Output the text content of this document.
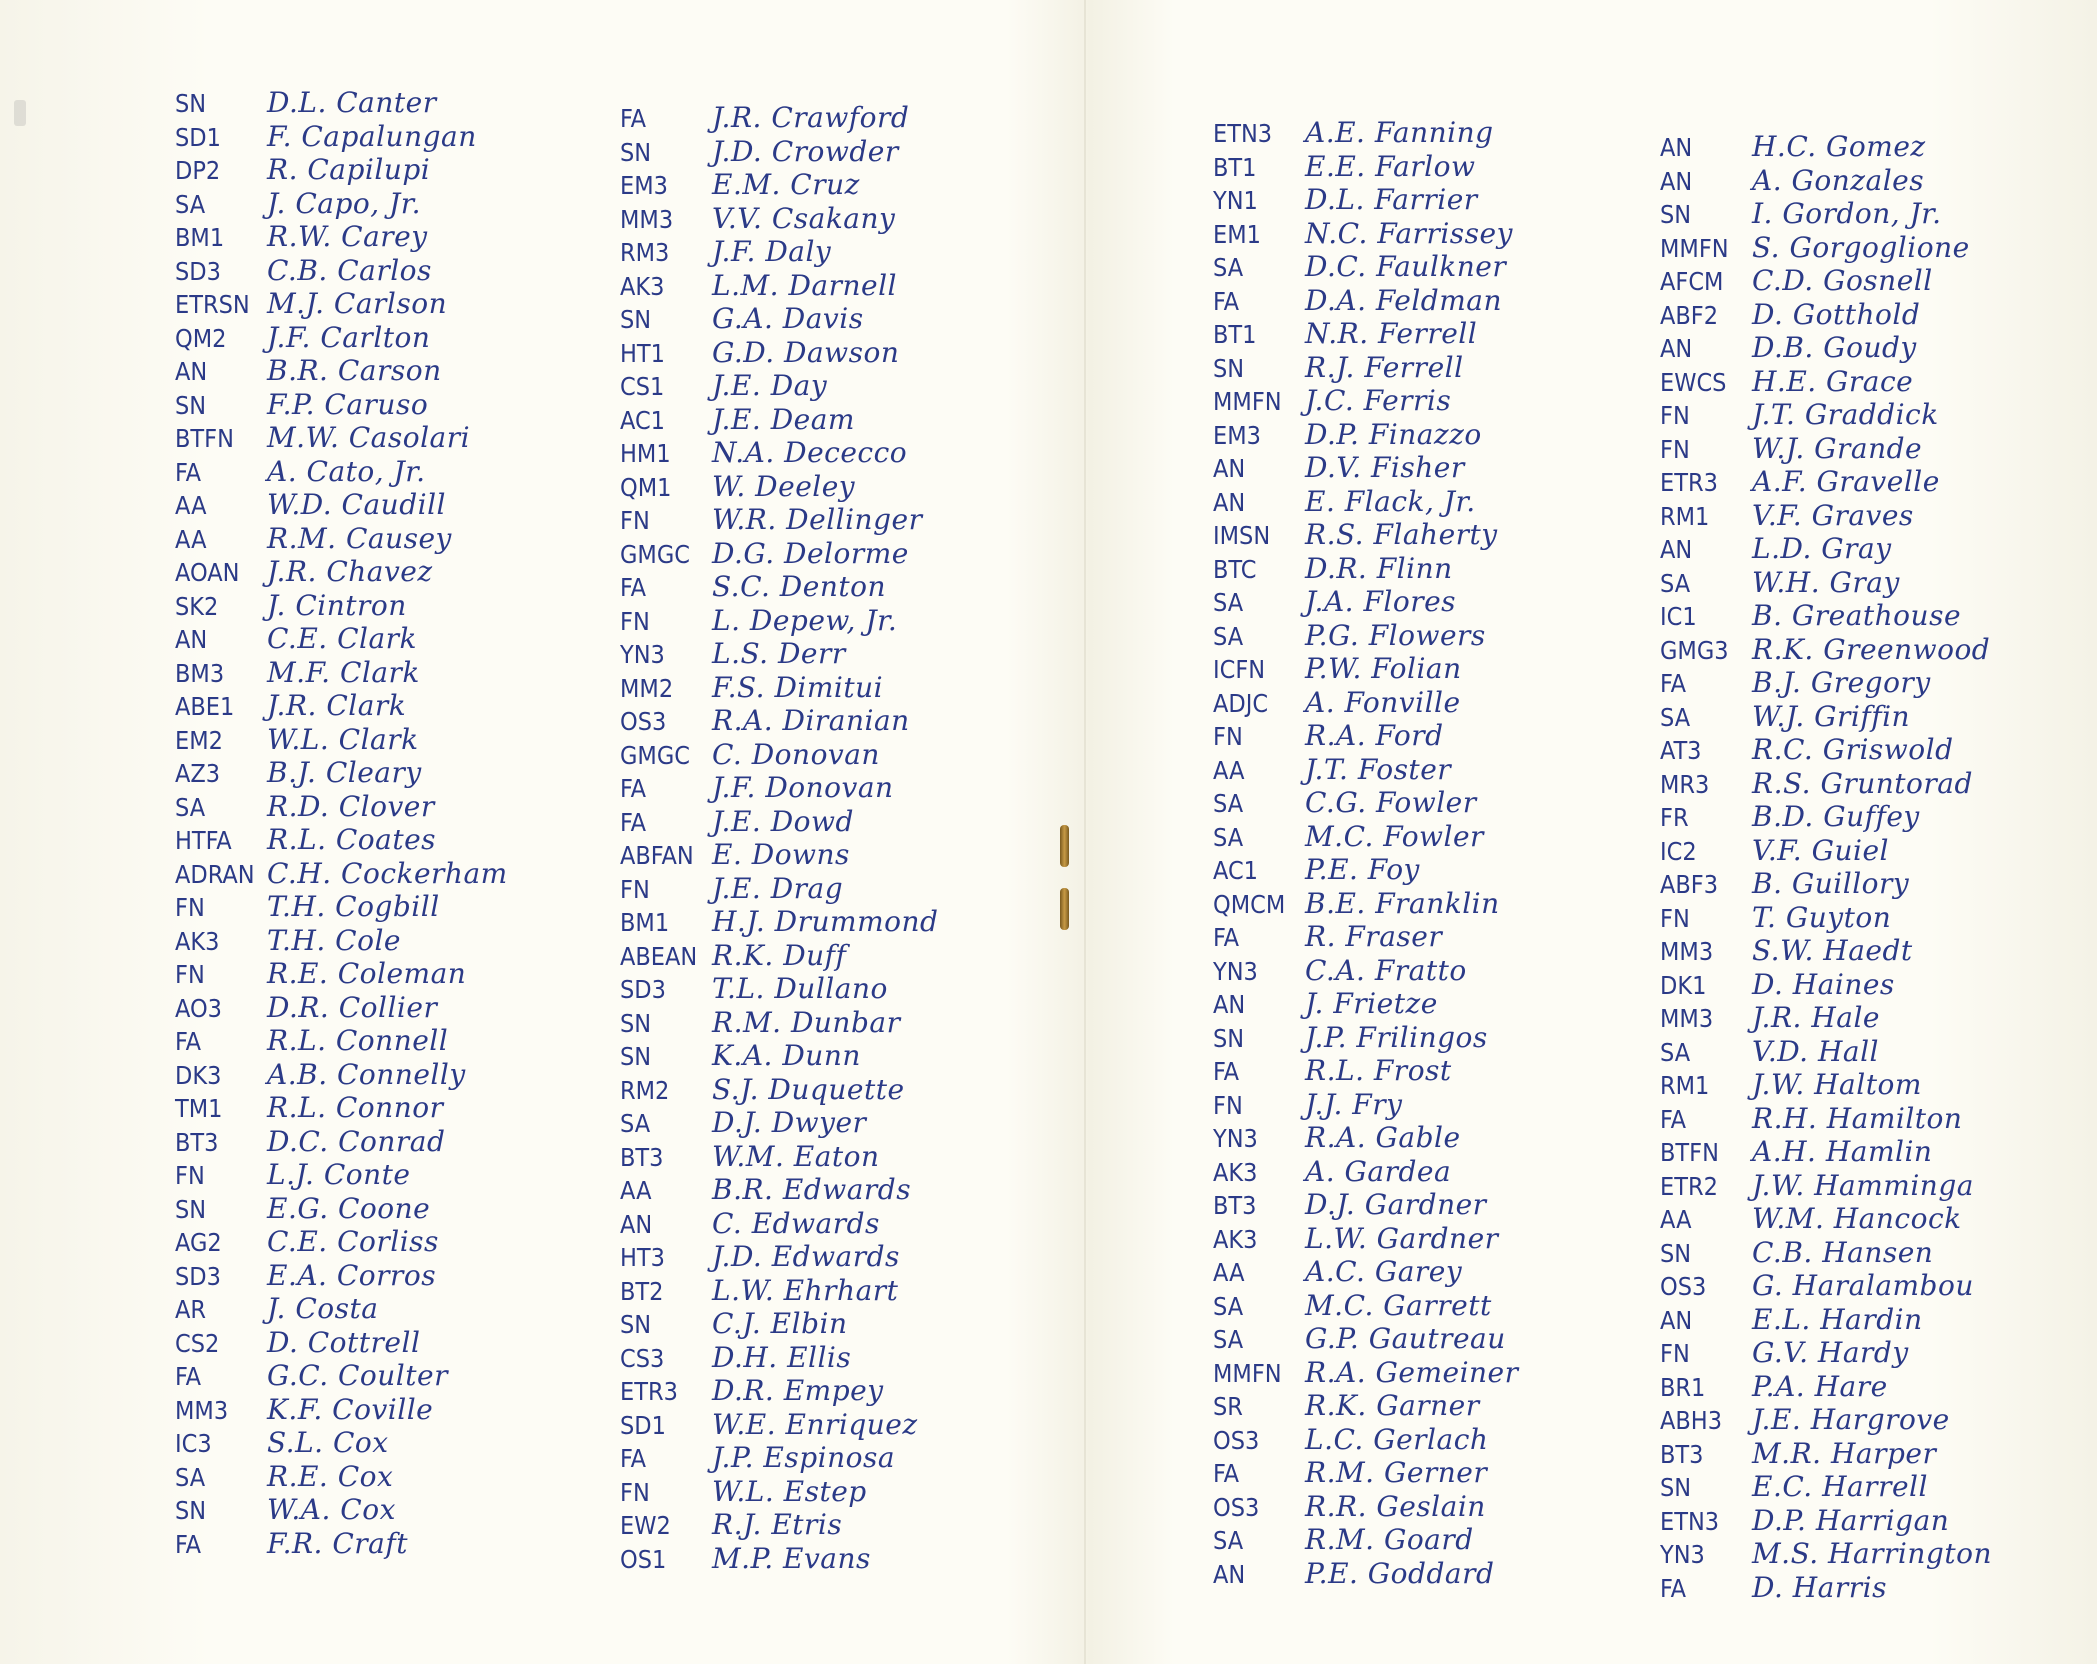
SN D.L. Canter
SD1 F. Capalungan
DP2 R. Capilupi
SA J. Capo, Jr.
BM1 R.W. Carey
SD3 C.B. Carlos
ETRSN M.J. Carlson
QM2 J.F. Carlton
AN B.R. Carson
SN F.P. Caruso
BTFN M.W. Casolari
FA A. Cato, Jr.
AA W.D. Caudill
AA R.M. Causey
AOAN J.R. Chavez
SK2 J. Cintron
AN C.E. Clark
BM3 M.F. Clark
ABE1 J.R. Clark
EM2 W.L. Clark
AZ3 B.J. Cleary
SA R.D. Clover
HTFA R.L. Coates
ADRAN C.H. Cockerham
FN T.H. Cogbill
AK3 T.H. Cole
FN R.E. Coleman
AO3 D.R. Collier
FA R.L. Connell
DK3 A.B. Connelly
TM1 R.L. Connor
BT3 D.C. Conrad
FN L.J. Conte
SN E.G. Coone
AG2 C.E. Corliss
SD3 E.A. Corros
AR J. Costa
CS2 D. Cottrell
FA G.C. Coulter
MM3 K.F. Coville
IC3 S.L. Cox
SA R.E. Cox
SN W.A. Cox
FA F.R. Craft
FA J.R. Crawford
SN J.D. Crowder
EM3 E.M. Cruz
MM3 V.V. Csakany
RM3 J.F. Daly
AK3 L.M. Darnell
SN G.A. Davis
HT1 G.D. Dawson
CS1 J.E. Day
AC1 J.E. Deam
HM1 N.A. Dececco
QM1 W. Deeley
FN W.R. Dellinger
GMGC D.G. Delorme
FA S.C. Denton
FN L. Depew, Jr.
YN3 L.S. Derr
MM2 F.S. Dimitui
OS3 R.A. Diranian
GMGC C. Donovan
FA J.F. Donovan
FA J.E. Dowd
ABFAN E. Downs
FN J.E. Drag
BM1 H.J. Drummond
ABEAN R.K. Duff
SD3 T.L. Dullano
SN R.M. Dunbar
SN K.A. Dunn
RM2 S.J. Duquette
SA D.J. Dwyer
BT3 W.M. Eaton
AA B.R. Edwards
AN C. Edwards
HT3 J.D. Edwards
BT2 L.W. Ehrhart
SN C.J. Elbin
CS3 D.H. Ellis
ETR3 D.R. Empey
SD1 W.E. Enriquez
FA J.P. Espinosa
FN W.L. Estep
EW2 R.J. Etris
OS1 M.P. Evans
ETN3 A.E. Fanning
BT1 E.E. Farlow
YN1 D.L. Farrier
EM1 N.C. Farrissey
SA D.C. Faulkner
FA D.A. Feldman
BT1 N.R. Ferrell
SN R.J. Ferrell
MMFN J.C. Ferris
EM3 D.P. Finazzo
AN D.V. Fisher
AN E. Flack, Jr.
IMSN R.S. Flaherty
BTC D.R. Flinn
SA J.A. Flores
SA P.G. Flowers
ICFN P.W. Folian
ADJC A. Fonville
FN R.A. Ford
AA J.T. Foster
SA C.G. Fowler
SA M.C. Fowler
AC1 P.E. Foy
QMCM B.E. Franklin
FA R. Fraser
YN3 C.A. Fratto
AN J. Frietze
SN J.P. Frilingos
FA R.L. Frost
FN J.J. Fry
YN3 R.A. Gable
AK3 A. Gardea
BT3 D.J. Gardner
AK3 L.W. Gardner
AA A.C. Garey
SA M.C. Garrett
SA G.P. Gautreau
MMFN R.A. Gemeiner
SR R.K. Garner
OS3 L.C. Gerlach
FA R.M. Gerner
OS3 R.R. Geslain
SA R.M. Goard
AN P.E. Goddard
AN H.C. Gomez
AN A. Gonzales
SN I. Gordon, Jr.
MMFN S. Gorgoglione
AFCM C.D. Gosnell
ABF2 D. Gotthold
AN D.B. Goudy
EWCS H.E. Grace
FN J.T. Graddick
FN W.J. Grande
ETR3 A.F. Gravelle
RM1 V.F. Graves
AN L.D. Gray
SA W.H. Gray
IC1 B. Greathouse
GMG3 R.K. Greenwood
FA B.J. Gregory
SA W.J. Griffin
AT3 R.C. Griswold
MR3 R.S. Gruntorad
FR B.D. Guffey
IC2 V.F. Guiel
ABF3 B. Guillory
FN T. Guyton
MM3 S.W. Haedt
DK1 D. Haines
MM3 J.R. Hale
SA V.D. Hall
RM1 J.W. Haltom
FA R.H. Hamilton
BTFN A.H. Hamlin
ETR2 J.W. Hamminga
AA W.M. Hancock
SN C.B. Hansen
OS3 G. Haralambou
AN E.L. Hardin
FN G.V. Hardy
BR1 P.A. Hare
ABH3 J.E. Hargrove
BT3 M.R. Harper
SN E.C. Harrell
ETN3 D.P. Harrigan
YN3 M.S. Harrington
FA D. Harris
